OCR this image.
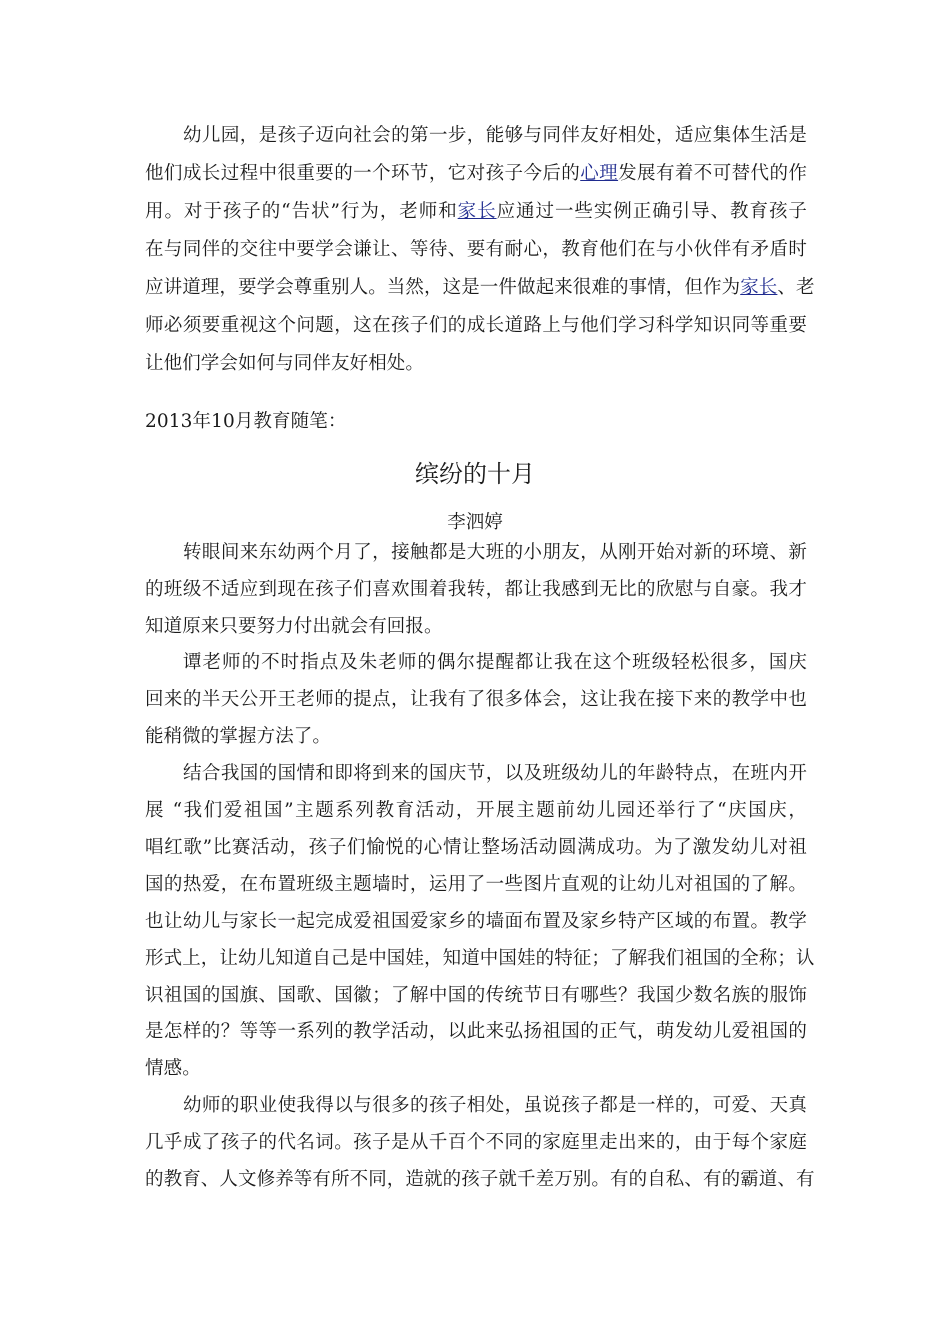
幼儿园，是孩子迈向社会的第一步，能够与同伴友好相处，适应集体生活是
他们成长过程中很重要的一个环节，它对孩子今后的心理发展有着不可替代的作
用。对于孩子的“告状”行为，老师和家长应通过一些实例正确引导、教育孩子
在与同伴的交往中要学会谦让、等待、要有耐心，教育他们在与小伙伴有矛盾时
应讲道理，要学会尊重别人。当然，这是一件做起来很难的事情，但作为家长、老
师必须要重视这个问题，这在孩子们的成长道路上与他们学习科学知识同等重要
让他们学会如何与同伴友好相处。
2013年10月教育随笔：
缤纷的十月
李泗婷
转眼间来东幼两个月了，接触都是大班的小朋友，从刚开始对新的环境、新
的班级不适应到现在孩子们喜欢围着我转，都让我感到无比的欣慰与自豪。我才
知道原来只要努力付出就会有回报。
谭老师的不时指点及朱老师的偶尔提醒都让我在这个班级轻松很多，国庆
回来的半天公开王老师的提点，让我有了很多体会，这让我在接下来的教学中也
能稍微的掌握方法了。
结合我国的国情和即将到来的国庆节，以及班级幼儿的年龄特点，在班内开
展 “我们爱祖国”主题系列教育活动，开展主题前幼儿园还举行了“庆国庆，
唱红歌”比赛活动，孩子们愉悦的心情让整场活动圆满成功。为了激发幼儿对祖
国的热爱，在布置班级主题墙时，运用了一些图片直观的让幼儿对祖国的了解。
也让幼儿与家长一起完成爱祖国爱家乡的墙面布置及家乡特产区域的布置。教学
形式上，让幼儿知道自己是中国娃，知道中国娃的特征；了解我们祖国的全称；认
识祖国的国旗、国歌、国徽；了解中国的传统节日有哪些？我国少数名族的服饰
是怎样的？等等一系列的教学活动，以此来弘扬祖国的正气，萌发幼儿爱祖国的
情感。
幼师的职业使我得以与很多的孩子相处，虽说孩子都是一样的，可爱、天真
几乎成了孩子的代名词。孩子是从千百个不同的家庭里走出来的，由于每个家庭
的教育、人文修养等有所不同，造就的孩子就千差万别。有的自私、有的霸道、有
